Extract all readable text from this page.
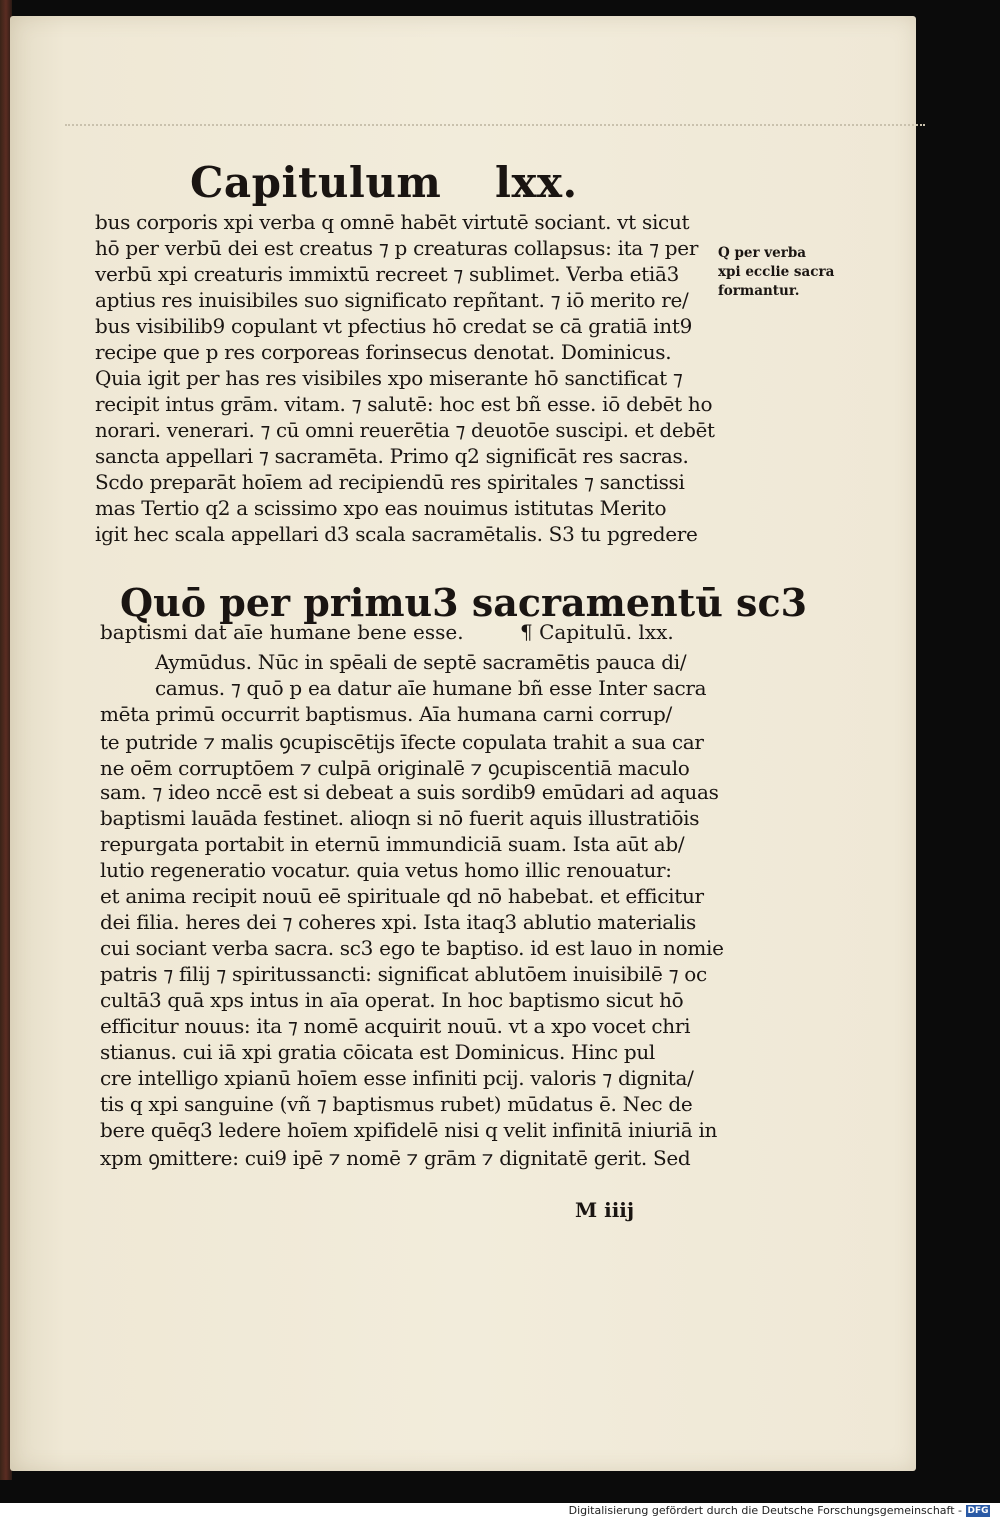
Capitulum lxx.
bus corporis xpi verba q omnē habēt virtutē sociant. vt sicut
hō per verbū dei est creatus ⁊ p creaturas collapsus: ita ⁊ per
verbū xpi creaturis immixtū recreet ⁊ sublimet. Verba etiā3
aptius res inuisibiles suo significato repñtant. ⁊ iō merito re/
bus visibilib9 copulant vt pfectius hō credat se cā gratiā int9
recipe que p res corporeas forinsecus denotat. Dominicus.
Quia igit per has res visibiles xpo miserante hō sanctificat ⁊
recipit intus grām. vitam. ⁊ salutē: hoc est bñ esse. iō debēt ho
norari. venerari. ⁊ cū omni reuerētia ⁊ deuotōe suscipi. et debēt
sancta appellari ⁊ sacramēta. Primo q2 significāt res sacras.
Scdo preparāt hoīem ad recipiendū res spiritales ⁊ sanctissi
mas Tertio q2 a scissimo xpo eas nouimus istitutas Merito
igit hec scala appellari d3 scala sacramētalis. S3 tu pgredere
Q per verba
xpi ecclie sacra
formantur.
Quō per primu3 sacramentū sc3
baptismi dat aīe humane bene esse.	¶ Capitulū. lxx.
Aymūdus. Nūc in spēali de septē sacramētis pauca di/
camus. ⁊ quō p ea datur aīe humane bñ esse Inter sacra
mēta primū occurrit baptismus. Aīa humana carni corrup/
te putride ⁊ malis ꝯcupiscētijs īfecte copulata trahit a sua car
ne oēm corruptōem ⁊ culpā originalē ⁊ ꝯcupiscentiā maculo
sam. ⁊ ideo nccē est si debeat a suis sordib9 emūdari ad aquas
baptismi lauāda festinet. alioqn si nō fuerit aquis illustratiōis
repurgata portabit in eternū immundiciā suam. Ista aūt ab/
lutio regeneratio vocatur. quia vetus homo illic renouatur:
et anima recipit nouū eē spirituale qd nō habebat. et efficitur
dei filia. heres dei ⁊ coheres xpi. Ista itaq3 ablutio materialis
cui sociant verba sacra. sc3 ego te baptiso. id est lauo in nomie
patris ⁊ filij ⁊ spiritussancti: significat ablutōem inuisibilē ⁊ oc
cultā3 quā xps intus in aīa operat. In hoc baptismo sicut hō
efficitur nouus: ita ⁊ nomē acquirit nouū. vt a xpo vocet chri
stianus. cui iā xpi gratia cōicata est Dominicus. Hinc pul
cre intelligo xpianū hoīem esse infiniti pcij. valoris ⁊ dignita/
tis q xpi sanguine (vñ ⁊ baptismus rubet) mūdatus ē. Nec de
bere quēq3 ledere hoīem xpifidelē nisi q velit infinitā iniuriā in
xpm ꝯmittere: cui9 ipē ⁊ nomē ⁊ grām ⁊ dignitatē gerit. Sed
M iiij
Digitalisierung gefördert durch die Deutsche Forschungsgemeinschaft - DFG
